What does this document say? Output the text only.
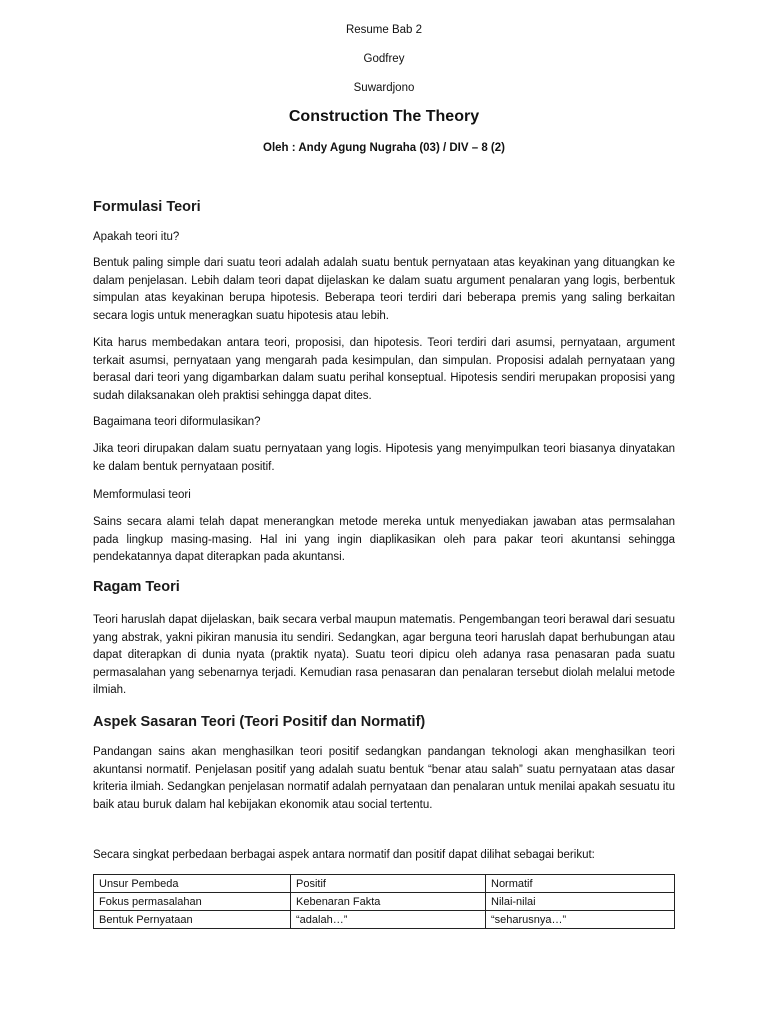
Resume Bab 2
Godfrey
Suwardjono
Construction The Theory
Oleh : Andy Agung Nugraha (03) / DIV – 8 (2)
Formulasi Teori
Apakah teori itu?
Bentuk paling simple dari suatu teori adalah adalah suatu bentuk pernyataan atas keyakinan yang dituangkan ke dalam penjelasan. Lebih dalam teori dapat dijelaskan ke dalam suatu argument penalaran yang logis, berbentuk simpulan atas keyakinan berupa hipotesis. Beberapa teori terdiri dari beberapa premis yang saling berkaitan secara logis untuk meneragkan suatu hipotesis atau lebih.
Kita harus membedakan antara teori, proposisi, dan hipotesis. Teori terdiri dari asumsi, pernyataan, argument terkait asumsi, pernyataan yang mengarah pada kesimpulan, dan simpulan. Proposisi adalah pernyataan yang berasal dari teori yang digambarkan dalam suatu perihal konseptual. Hipotesis sendiri merupakan proposisi yang sudah dilaksanakan oleh praktisi sehingga dapat dites.
Bagaimana teori diformulasikan?
Jika teori dirupakan dalam suatu pernyataan yang logis. Hipotesis yang menyimpulkan teori biasanya dinyatakan ke dalam bentuk pernyataan positif.
Memformulasi teori
Sains secara alami telah dapat menerangkan metode mereka untuk menyediakan jawaban atas permsalahan pada lingkup masing-masing. Hal ini yang ingin diaplikasikan oleh para pakar teori akuntansi sehingga pendekatannya dapat diterapkan pada akuntansi.
Ragam Teori
Teori haruslah dapat dijelaskan, baik secara verbal maupun matematis. Pengembangan teori berawal dari sesuatu yang abstrak, yakni pikiran manusia itu sendiri. Sedangkan, agar berguna teori haruslah dapat berhubungan atau dapat diterapkan di dunia nyata (praktik nyata). Suatu teori dipicu oleh adanya rasa penasaran pada suatu permasalahan yang sebenarnya terjadi. Kemudian rasa penasaran dan penalaran tersebut diolah melalui metode ilmiah.
Aspek Sasaran Teori (Teori Positif dan Normatif)
Pandangan sains akan menghasilkan teori positif sedangkan pandangan teknologi akan menghasilkan teori akuntansi normatif. Penjelasan positif yang adalah suatu bentuk “benar atau salah” suatu pernyataan atas dasar kriteria ilmiah. Sedangkan penjelasan normatif adalah pernyataan dan penalaran untuk menilai apakah sesuatu itu baik atau buruk dalam hal kebijakan ekonomik atau social tertentu.
Secara singkat perbedaan berbagai aspek antara normatif dan positif dapat dilihat sebagai berikut:
Unsur Pembeda	Positif	Normatif
Fokus permasalahan	Kebenaran Fakta	Nilai-nilai
Bentuk Pernyataan	“adalah…”	“seharusnya…”
